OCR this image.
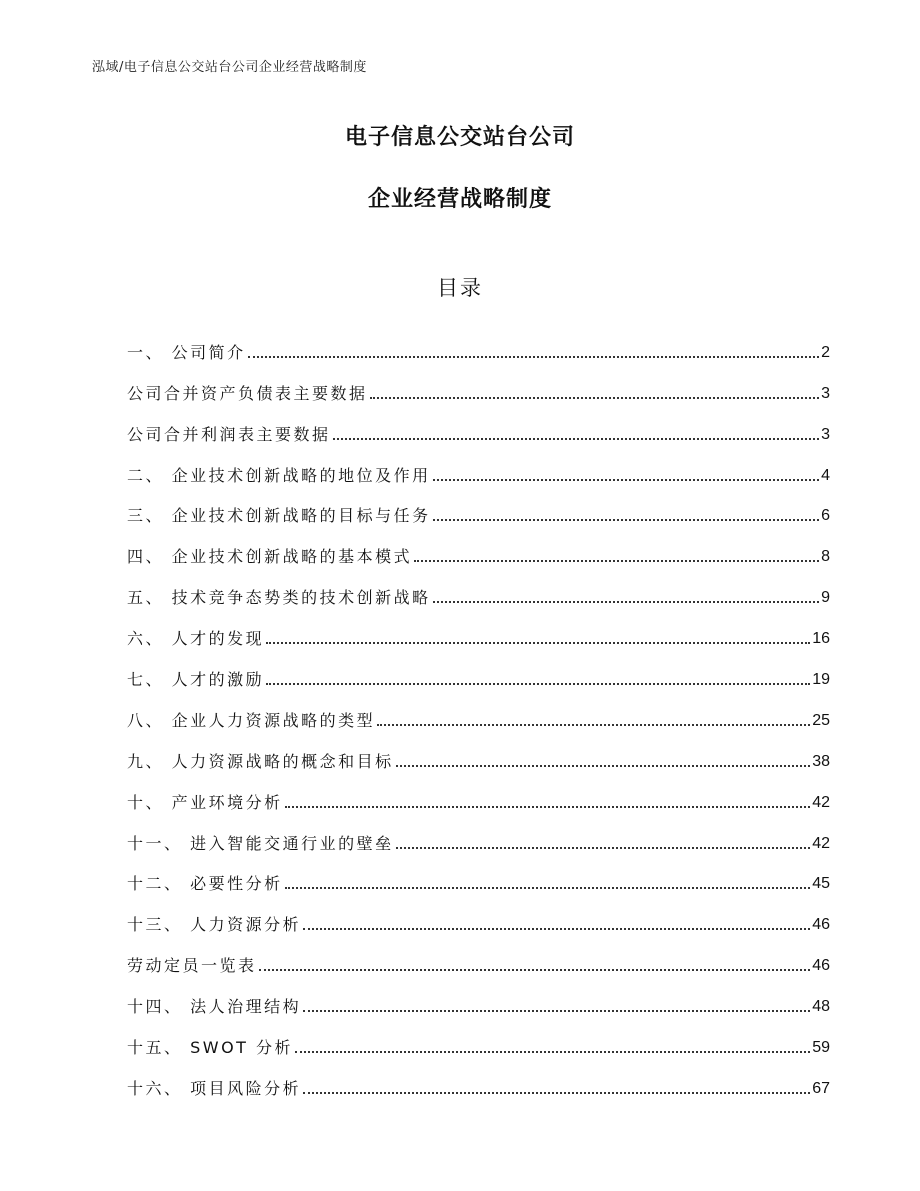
泓域/电子信息公交站台公司企业经营战略制度
电子信息公交站台公司
企业经营战略制度
目录
一、 公司简介	2
公司合并资产负债表主要数据	3
公司合并利润表主要数据	3
二、 企业技术创新战略的地位及作用	4
三、 企业技术创新战略的目标与任务	6
四、 企业技术创新战略的基本模式	8
五、 技术竞争态势类的技术创新战略	9
六、 人才的发现	16
七、 人才的激励	19
八、 企业人力资源战略的类型	25
九、 人力资源战略的概念和目标	38
十、 产业环境分析	42
十一、 进入智能交通行业的壁垒	42
十二、 必要性分析	45
十三、 人力资源分析	46
劳动定员一览表	46
十四、 法人治理结构	48
十五、 SWOT 分析	59
十六、 项目风险分析	67
